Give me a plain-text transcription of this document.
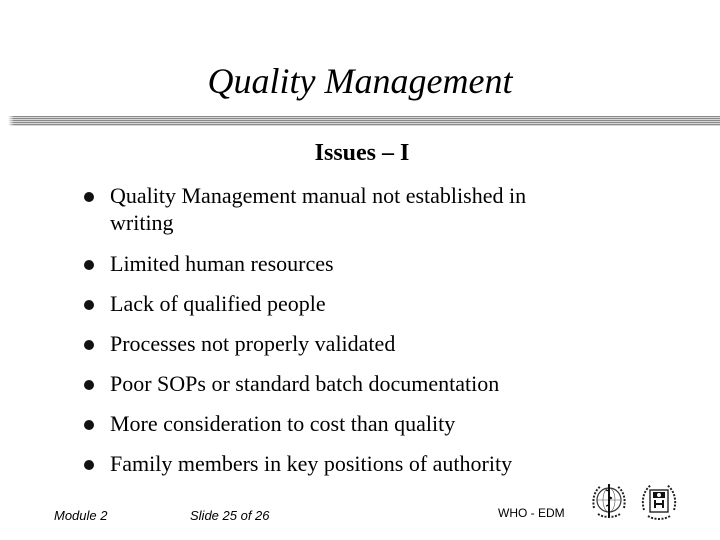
Quality Management
Issues – I
Quality Management manual not established in
writing
Limited human resources
Lack of qualified people
Processes not properly validated
Poor SOPs or standard batch documentation
More consideration to cost than quality
Family members in key positions of authority
Module 2	Slide 25 of 26	WHO - EDM
